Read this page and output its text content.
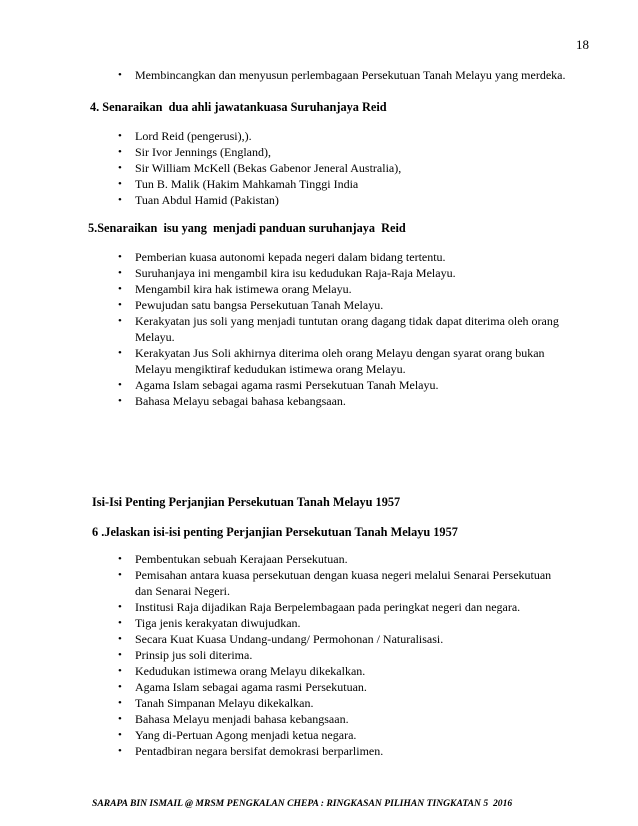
18
• Membincangkan dan menyusun perlembagaan Persekutuan Tanah Melayu yang merdeka.
4. Senaraikan  dua ahli jawatankuasa Suruhanjaya Reid
• Lord Reid (pengerusi),).
• Sir Ivor Jennings (England),
• Sir William McKell (Bekas Gabenor Jeneral Australia),
• Tun B. Malik (Hakim Mahkamah Tinggi India
• Tuan Abdul Hamid (Pakistan)
5.Senaraikan  isu yang  menjadi panduan suruhanjaya  Reid
• Pemberian kuasa autonomi kepada negeri dalam bidang tertentu.
• Suruhanjaya ini mengambil kira isu kedudukan Raja-Raja Melayu.
• Mengambil kira hak istimewa orang Melayu.
• Pewujudan satu bangsa Persekutuan Tanah Melayu.
• Kerakyatan jus soli yang menjadi tuntutan orang dagang tidak dapat diterima oleh orang
Melayu.
• Kerakyatan Jus Soli akhirnya diterima oleh orang Melayu dengan syarat orang bukan
Melayu mengiktiraf kedudukan istimewa orang Melayu.
• Agama Islam sebagai agama rasmi Persekutuan Tanah Melayu.
• Bahasa Melayu sebagai bahasa kebangsaan.
Isi-Isi Penting Perjanjian Persekutuan Tanah Melayu 1957
6 .Jelaskan isi-isi penting Perjanjian Persekutuan Tanah Melayu 1957
• Pembentukan sebuah Kerajaan Persekutuan.
• Pemisahan antara kuasa persekutuan dengan kuasa negeri melalui Senarai Persekutuan
dan Senarai Negeri.
• Institusi Raja dijadikan Raja Berpelembagaan pada peringkat negeri dan negara.
• Tiga jenis kerakyatan diwujudkan.
• Secara Kuat Kuasa Undang-undang/ Permohonan / Naturalisasi.
• Prinsip jus soli diterima.
• Kedudukan istimewa orang Melayu dikekalkan.
• Agama Islam sebagai agama rasmi Persekutuan.
• Tanah Simpanan Melayu dikekalkan.
• Bahasa Melayu menjadi bahasa kebangsaan.
• Yang di-Pertuan Agong menjadi ketua negara.
• Pentadbiran negara bersifat demokrasi berparlimen.
SARAPA BIN ISMAIL @ MRSM PENGKALAN CHEPA : RINGKASAN PILIHAN TINGKATAN 5  2016
